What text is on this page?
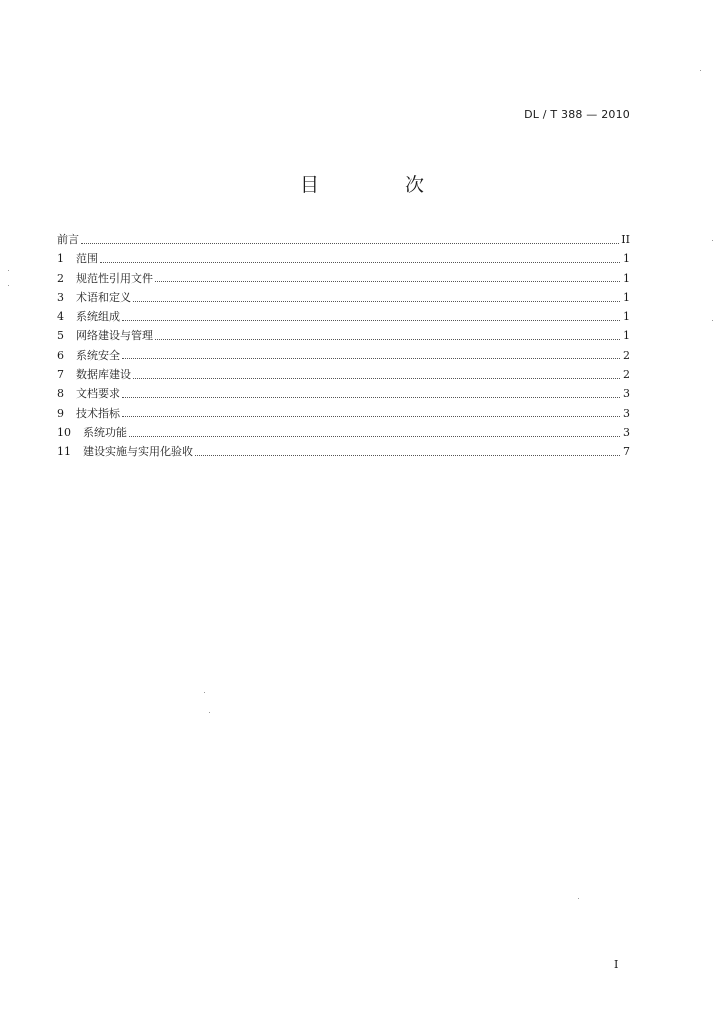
DL / T 388 — 2010
目 次
前言	II
1	范围	1
2	规范性引用文件	1
3	术语和定义	1
4	系统组成	1
5	网络建设与管理	1
6	系统安全	2
7	数据库建设	2
8	文档要求	3
9	技术指标	3
10	系统功能	3
11	建设实施与实用化验收	7
I
